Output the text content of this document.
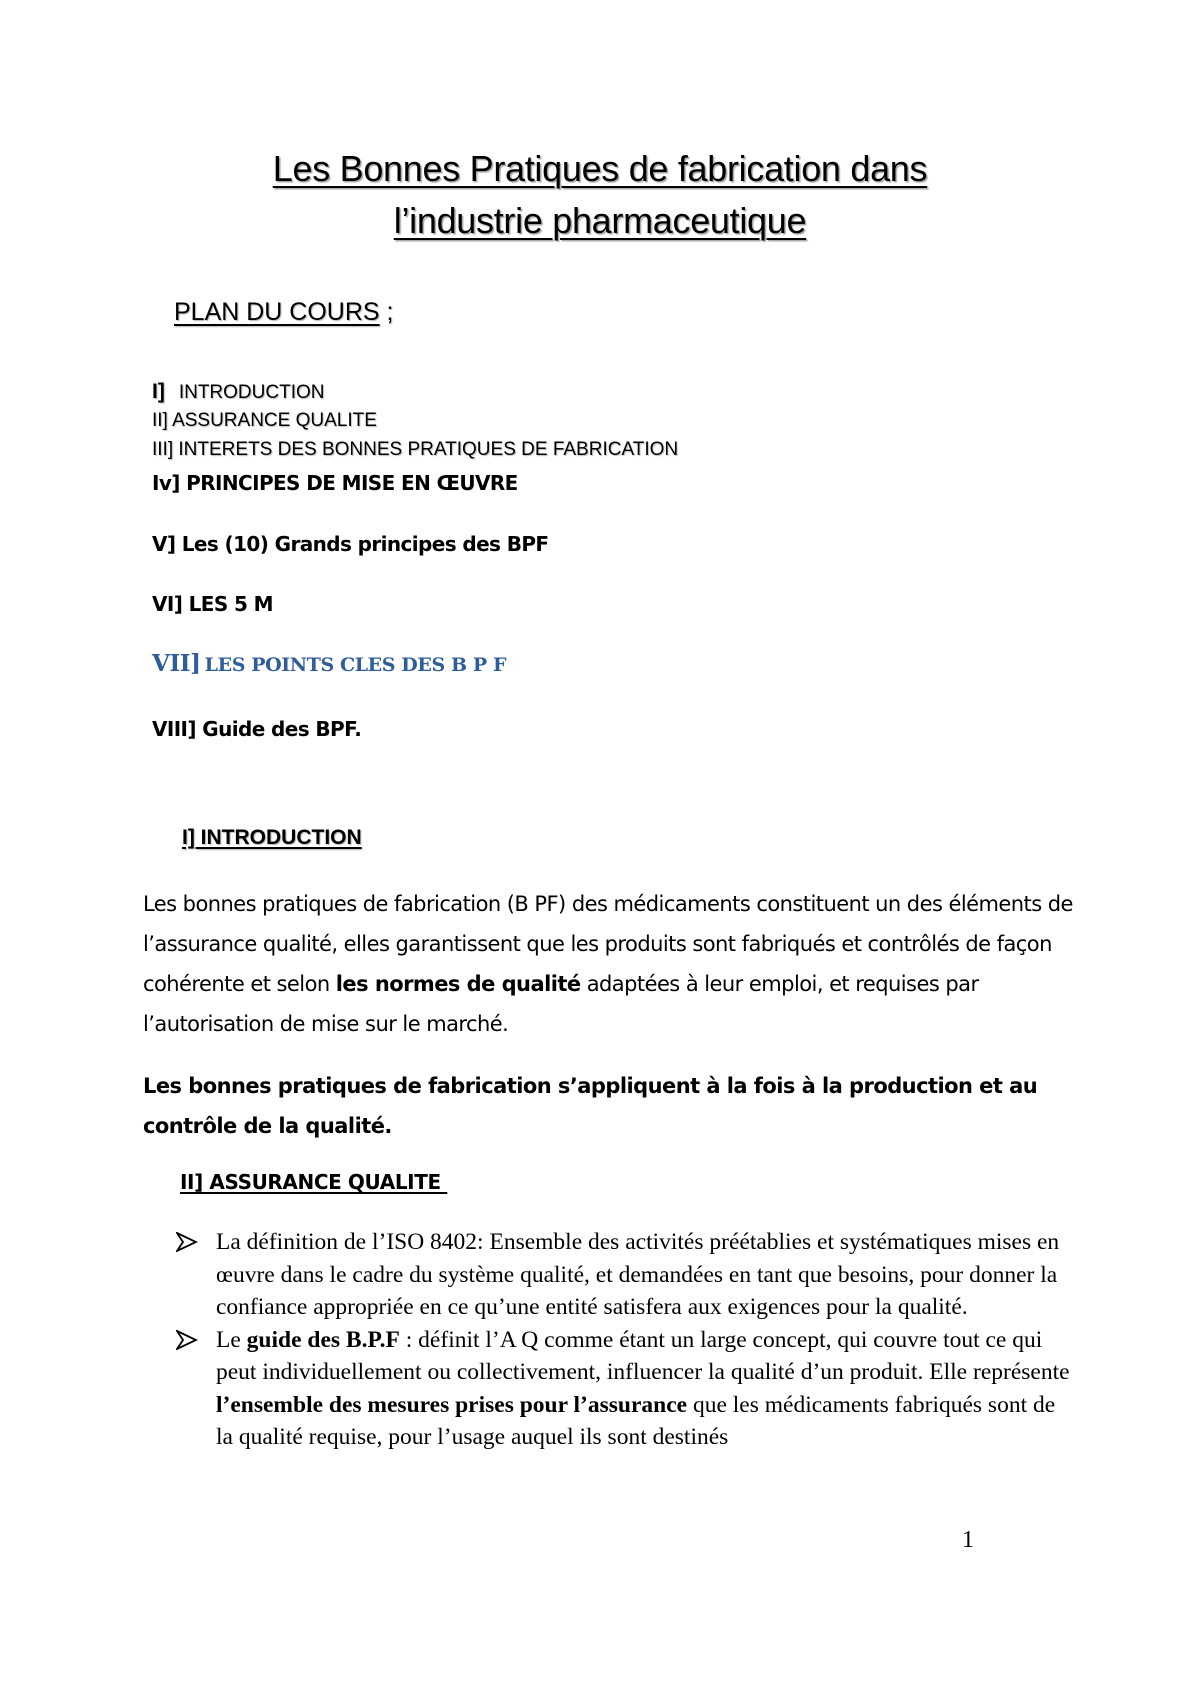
Les Bonnes Pratiques de fabrication dans
l’industrie pharmaceutique
PLAN DU COURS ;
I] INTRODUCTION
II] ASSURANCE QUALITE
III] INTERETS DES BONNES PRATIQUES DE FABRICATION
Iv] PRINCIPES DE MISE EN ŒUVRE
V] Les (10) Grands principes des BPF
VI] LES 5 M
VII] LES POINTS CLES DES B P F
VIII] Guide des BPF.
I] INTRODUCTION
Les bonnes pratiques de fabrication (B PF) des médicaments constituent un des éléments de l’assurance qualité, elles garantissent que les produits sont fabriqués et contrôlés de façon cohérente et selon les normes de qualité adaptées à leur emploi, et requises par l’autorisation de mise sur le marché.
Les bonnes pratiques de fabrication s’appliquent à la fois à la production et au contrôle de la qualité.
II] ASSURANCE QUALITE
La définition de l’ISO 8402: Ensemble des activités préétablies et systématiques mises en œuvre dans le cadre du système qualité, et demandées en tant que besoins, pour donner la confiance appropriée en ce qu’une entité satisfera aux exigences pour la qualité.
Le guide des B.P.F : définit l’A Q comme étant un large concept, qui couvre tout ce qui peut individuellement ou collectivement, influencer la qualité d’un produit. Elle représente l’ensemble des mesures prises pour l’assurance que les médicaments fabriqués sont de la qualité requise, pour l’usage auquel ils sont destinés
1
